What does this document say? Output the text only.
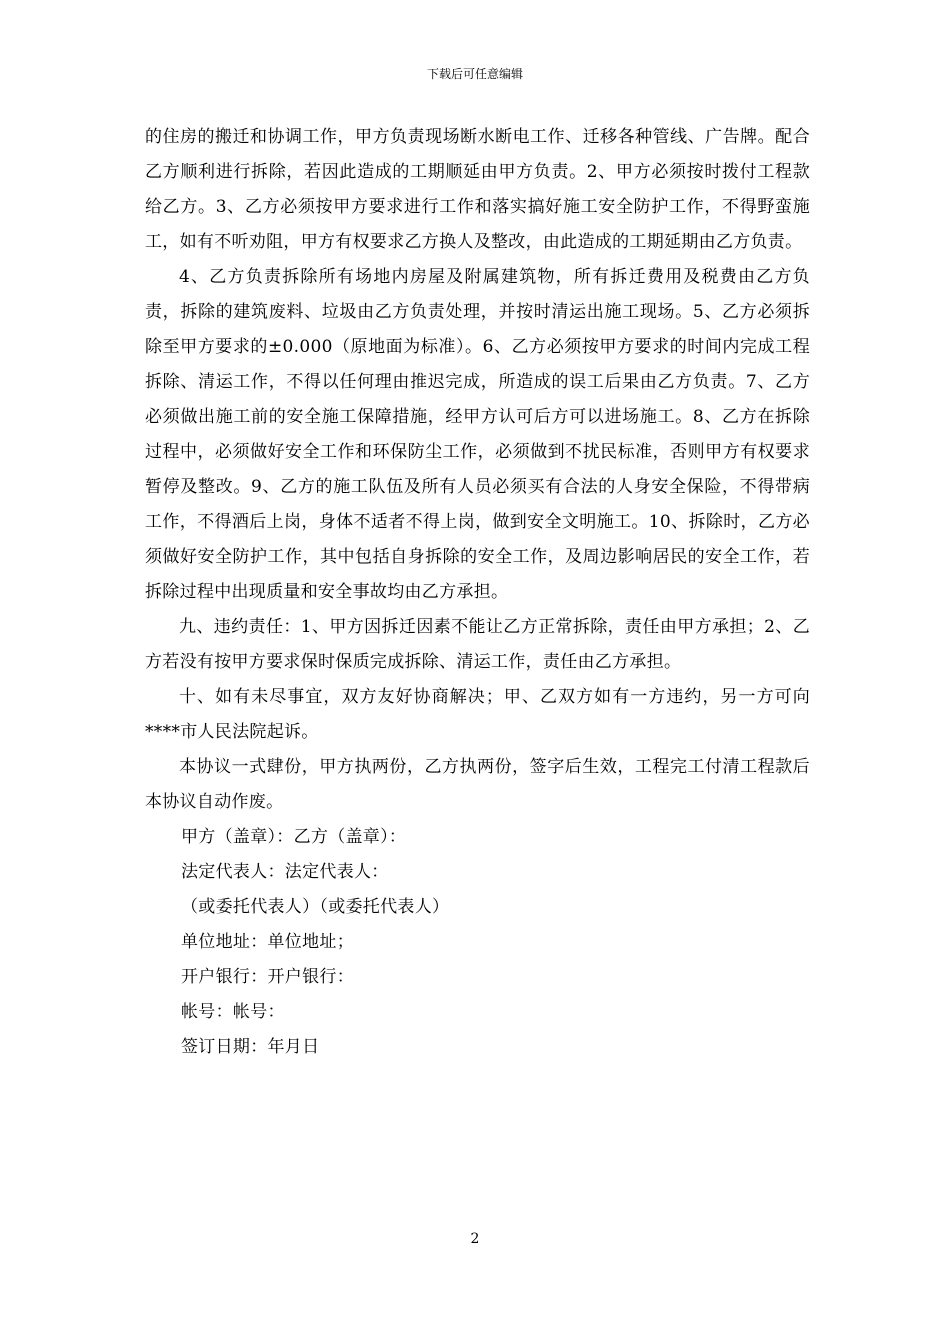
下载后可任意编辑

的住房的搬迁和协调工作，甲方负责现场断水断电工作、迁移各种管线、广告牌。配合乙方顺利进行拆除，若因此造成的工期顺延由甲方负责。2、甲方必须按时拨付工程款给乙方。3、乙方必须按甲方要求进行工作和落实搞好施工安全防护工作，不得野蛮施工，如有不听劝阻，甲方有权要求乙方换人及整改，由此造成的工期延期由乙方负责。

4、乙方负责拆除所有场地内房屋及附属建筑物，所有拆迁费用及税费由乙方负责，拆除的建筑废料、垃圾由乙方负责处理，并按时清运出施工现场。5、乙方必须拆除至甲方要求的±0.000（原地面为标准）。6、乙方必须按甲方要求的时间内完成工程拆除、清运工作，不得以任何理由推迟完成，所造成的误工后果由乙方负责。7、乙方必须做出施工前的安全施工保障措施，经甲方认可后方可以进场施工。8、乙方在拆除过程中，必须做好安全工作和环保防尘工作，必须做到不扰民标准，否则甲方有权要求暂停及整改。9、乙方的施工队伍及所有人员必须买有合法的人身安全保险，不得带病工作，不得酒后上岗，身体不适者不得上岗，做到安全文明施工。10、拆除时，乙方必须做好安全防护工作，其中包括自身拆除的安全工作，及周边影响居民的安全工作，若拆除过程中出现质量和安全事故均由乙方承担。

九、违约责任：1、甲方因拆迁因素不能让乙方正常拆除，责任由甲方承担；2、乙方若没有按甲方要求保时保质完成拆除、清运工作，责任由乙方承担。

十、如有未尽事宜，双方友好协商解决；甲、乙双方如有一方违约，另一方可向****市人民法院起诉。

本协议一式肆份，甲方执两份，乙方执两份，签字后生效，工程完工付清工程款后本协议自动作废。

甲方（盖章）：乙方（盖章）：

法定代表人：法定代表人：

（或委托代表人）（或委托代表人）

单位地址：单位地址；

开户银行：开户银行：

帐号：帐号：

签订日期：年月日

2
